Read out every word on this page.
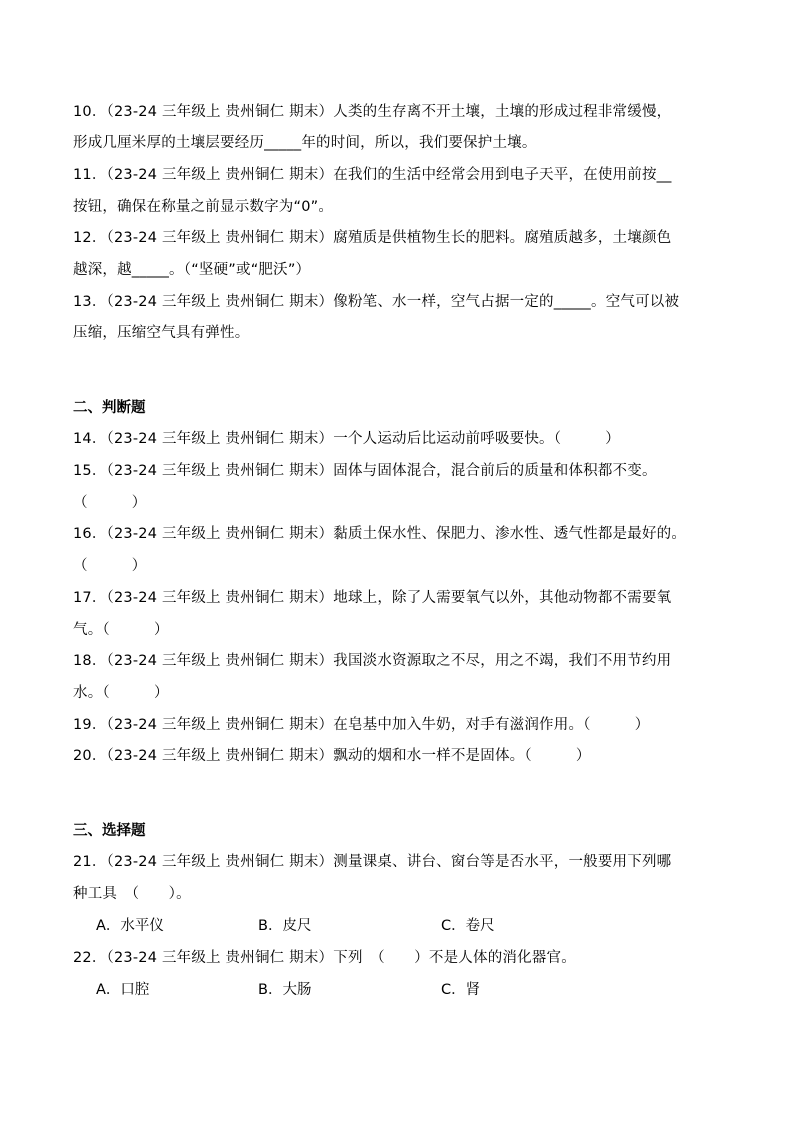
10．（23-24 三年级上 贵州铜仁 期末）人类的生存离不开土壤，土壤的形成过程非常缓慢，
形成几厘米厚的土壤层要经历_____年的时间，所以，我们要保护土壤。
11．（23-24 三年级上 贵州铜仁 期末）在我们的生活中经常会用到电子天平，在使用前按__
按钮，确保在称量之前显示数字为“0”。
12．（23-24 三年级上 贵州铜仁 期末）腐殖质是供植物生长的肥料。腐殖质越多，土壤颜色
越深，越_____。（“坚硬”或“肥沃”）
13．（23-24 三年级上 贵州铜仁 期末）像粉笔、水一样，空气占据一定的_____。空气可以被
压缩，压缩空气具有弹性。
二、判断题
14．（23-24 三年级上 贵州铜仁 期末）一个人运动后比运动前呼吸要快。（　　　）
15．（23-24 三年级上 贵州铜仁 期末）固体与固体混合，混合前后的质量和体积都不变。
（　　　）
16．（23-24 三年级上 贵州铜仁 期末）黏质土保水性、保肥力、渗水性、透气性都是最好的。
（　　　）
17．（23-24 三年级上 贵州铜仁 期末）地球上，除了人需要氧气以外，其他动物都不需要氧
气。（　　　）
18．（23-24 三年级上 贵州铜仁 期末）我国淡水资源取之不尽，用之不竭，我们不用节约用
水。（　　　）
19．（23-24 三年级上 贵州铜仁 期末）在皂基中加入牛奶，对手有滋润作用。（　　　）
20．（23-24 三年级上 贵州铜仁 期末）飘动的烟和水一样不是固体。（　　　）
三、选择题
21．（23-24 三年级上 贵州铜仁 期末）测量课桌、讲台、窗台等是否水平，一般要用下列哪
种工具　（　　）。
A．水平仪	B．皮尺	C．卷尺
22．（23-24 三年级上 贵州铜仁 期末）下列　（　　）不是人体的消化器官。
A．口腔	B．大肠	C．肾
